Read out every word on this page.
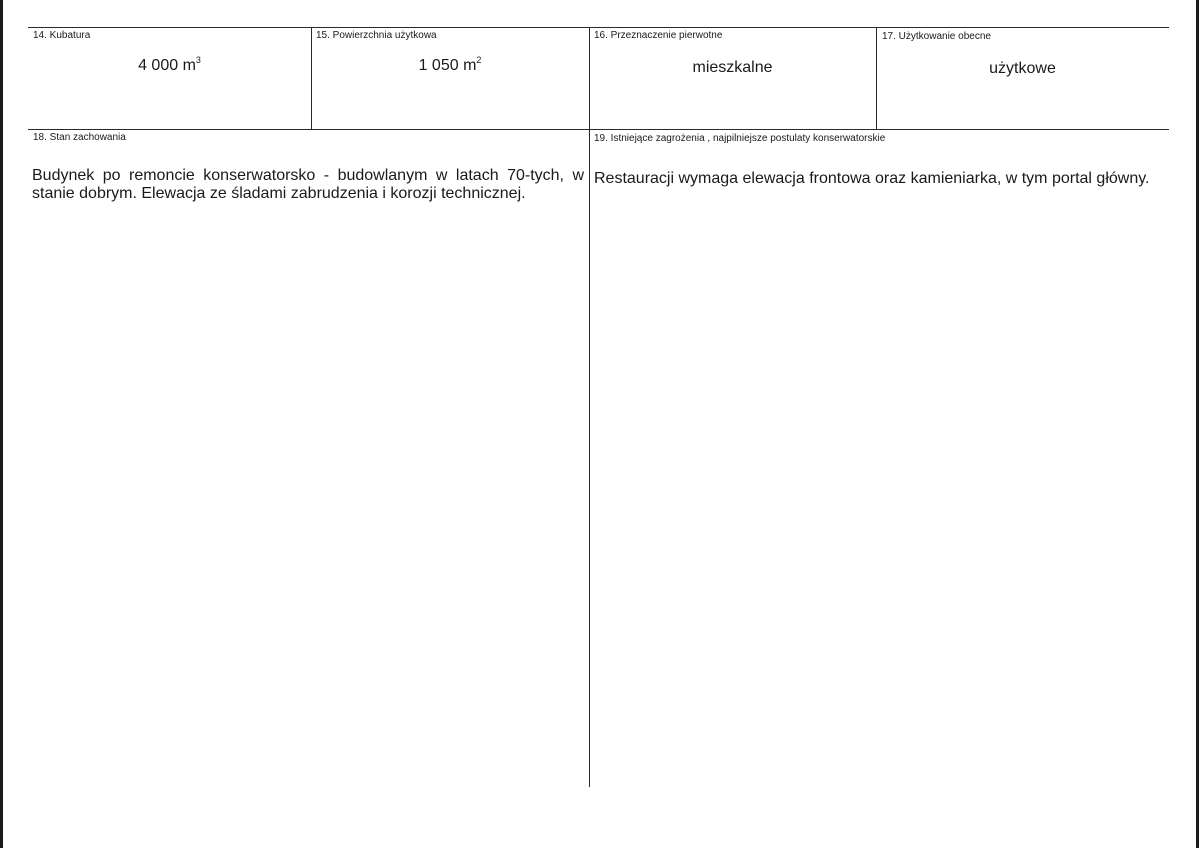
14. Kubatura
4 000 $m^3$
15. Powierzchnia użytkowa
1 050 $m^2$
16. Przeznaczenie pierwotne
mieszkalne
17. Użytkowanie obecne
użytkowe
18. Stan zachowania
Budynek po remoncie konserwatorsko - budowlanym w latach 70-tych, w stanie dobrym. Elewacja ze śladami zabrudzenia i korozji technicznej.
19. Istniejące zagrożenia , najpilniejsze postulaty konserwatorskie
Restauracji wymaga elewacja frontowa oraz kamieniarka, w tym portal główny.
